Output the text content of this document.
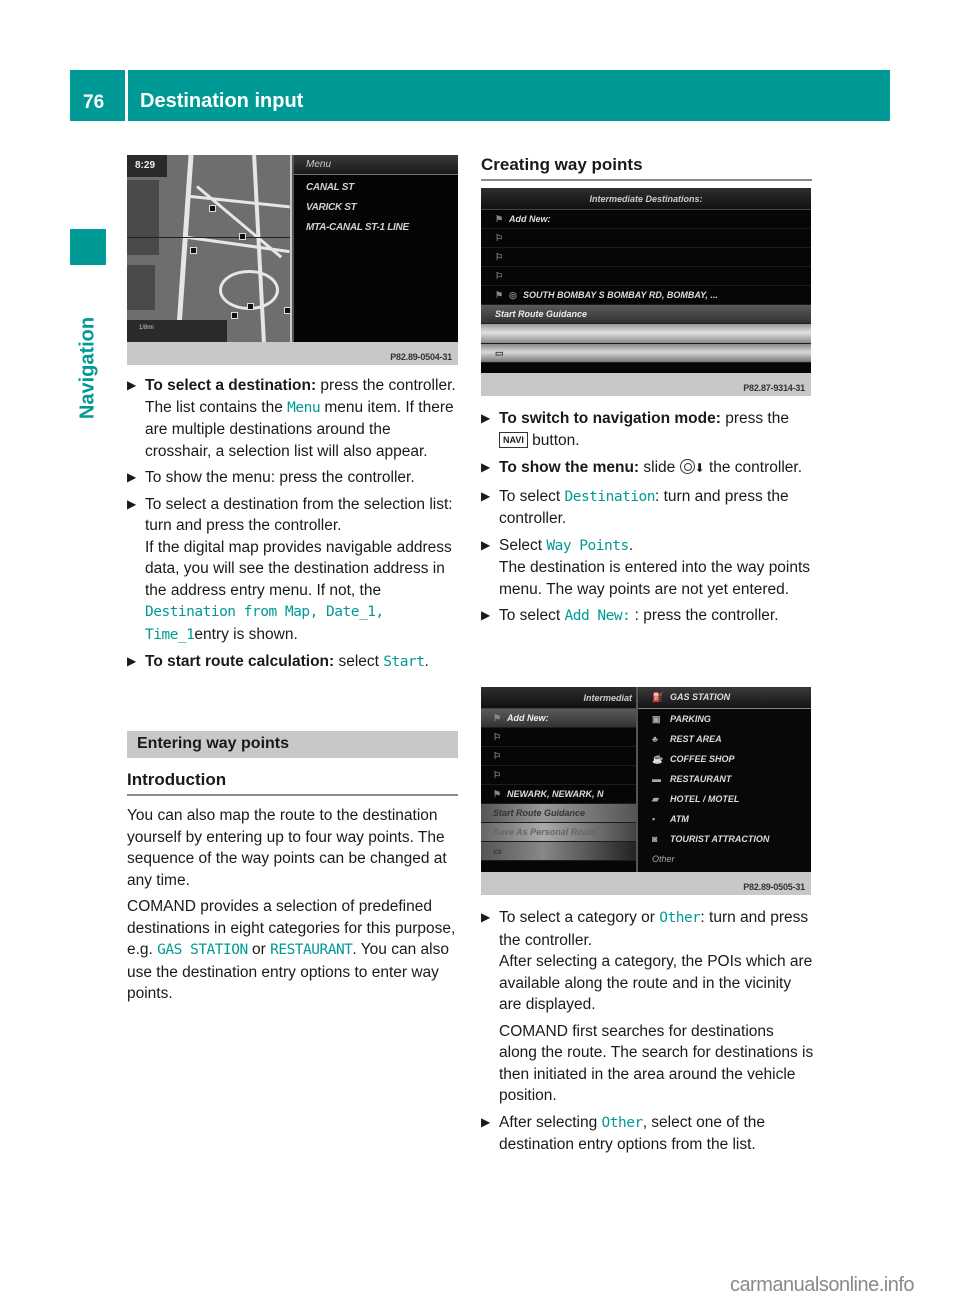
76	Destination input
Navigation
8:29
1/8mi
Menu
CANAL ST
VARICK ST
MTA-CANAL ST-1 LINE
P82.89-0504-31
▶ To select a destination: press the controller.

The list contains the Menu menu item. If there are multiple destinations around the crosshair, a selection list will also appear.

▶ To show the menu: press the controller.

▶ To select a destination from the selection list: turn and press the controller.

If the digital map provides navigable address data, you will see the destination address in the address entry menu. If not, the Destination from Map, Date_1, Time_1entry is shown.

▶ To start route calculation: select Start.

Entering way points
Introduction

You can also map the route to the destination yourself by entering up to four way points. The sequence of the way points can be changed at any time.

COMAND provides a selection of predefined destinations in eight categories for this purpose, e.g. GAS STATION or RESTAURANT. You can also use the destination entry options to enter way points.

Creating way points
Intermediate Destinations:
⚑ Add New:
⚐
⚐
⚐
⚑ ◎ SOUTH BOMBAY S BOMBAY RD, BOMBAY, ...
Start Route Guidance
▭
P82.87-9314-31
▶ To switch to navigation mode: press the

NAVI button.

▶ To show the menu: slide ⬇ the controller.

▶ To select Destination: turn and press the controller.

▶ Select Way Points.

The destination is entered into the way points menu. The way points are not yet entered.

▶ To select Add New: : press the controller.

Intermediat
⚑ Add New:
⚐
⚐
⚐
⚑ NEWARK, NEWARK, N
Start Route Guidance
Save As Personal Route
▭
⛽ GAS STATION
▣ PARKING
♣ REST AREA
☕ COFFEE SHOP
▬ RESTAURANT
▰ HOTEL / MOTEL
▪ ATM
◙ TOURIST ATTRACTION
Other
P82.89-0505-31
▶ To select a category or Other: turn and press the controller.

After selecting a category, the POIs which are available along the route and in the vicinity are displayed.

COMAND first searches for destinations along the route. The search for destinations is then initiated in the area around the vehicle position.

▶ After selecting Other, select one of the destination entry options from the list.

carmanualsonline.info
